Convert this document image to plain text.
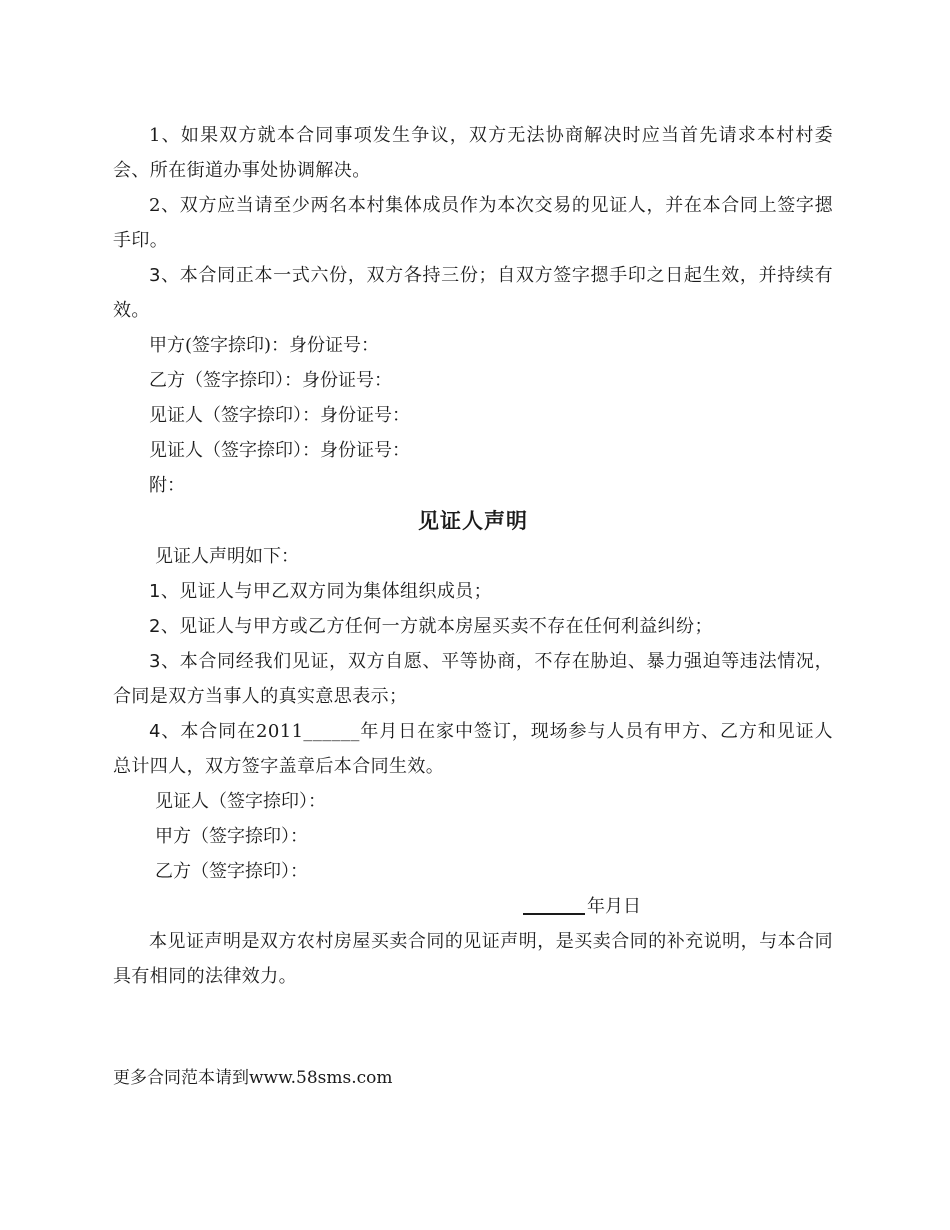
1、如果双方就本合同事项发生争议，双方无法协商解决时应当首先请求本村村委会、所在街道办事处协调解决。

2、双方应当请至少两名本村集体成员作为本次交易的见证人，并在本合同上签字摁手印。

3、本合同正本一式六份，双方各持三份；自双方签字摁手印之日起生效，并持续有效。

甲方(签字捺印)：身份证号：

乙方（签字捺印）：身份证号：

见证人（签字捺印）：身份证号：

见证人（签字捺印）：身份证号：

附：

见证人声明

见证人声明如下：

1、见证人与甲乙双方同为集体组织成员；

2、见证人与甲方或乙方任何一方就本房屋买卖不存在任何利益纠纷；

3、本合同经我们见证，双方自愿、平等协商，不存在胁迫、暴力强迫等违法情况，合同是双方当事人的真实意思表示；

4、本合同在2011______年月日在家中签订，现场参与人员有甲方、乙方和见证人总计四人，双方签字盖章后本合同生效。

见证人（签字捺印）：

甲方（签字捺印）：

乙方（签字捺印）：

年月日

本见证声明是双方农村房屋买卖合同的见证声明，是买卖合同的补充说明，与本合同具有相同的法律效力。

更多合同范本请到www.58sms.com
